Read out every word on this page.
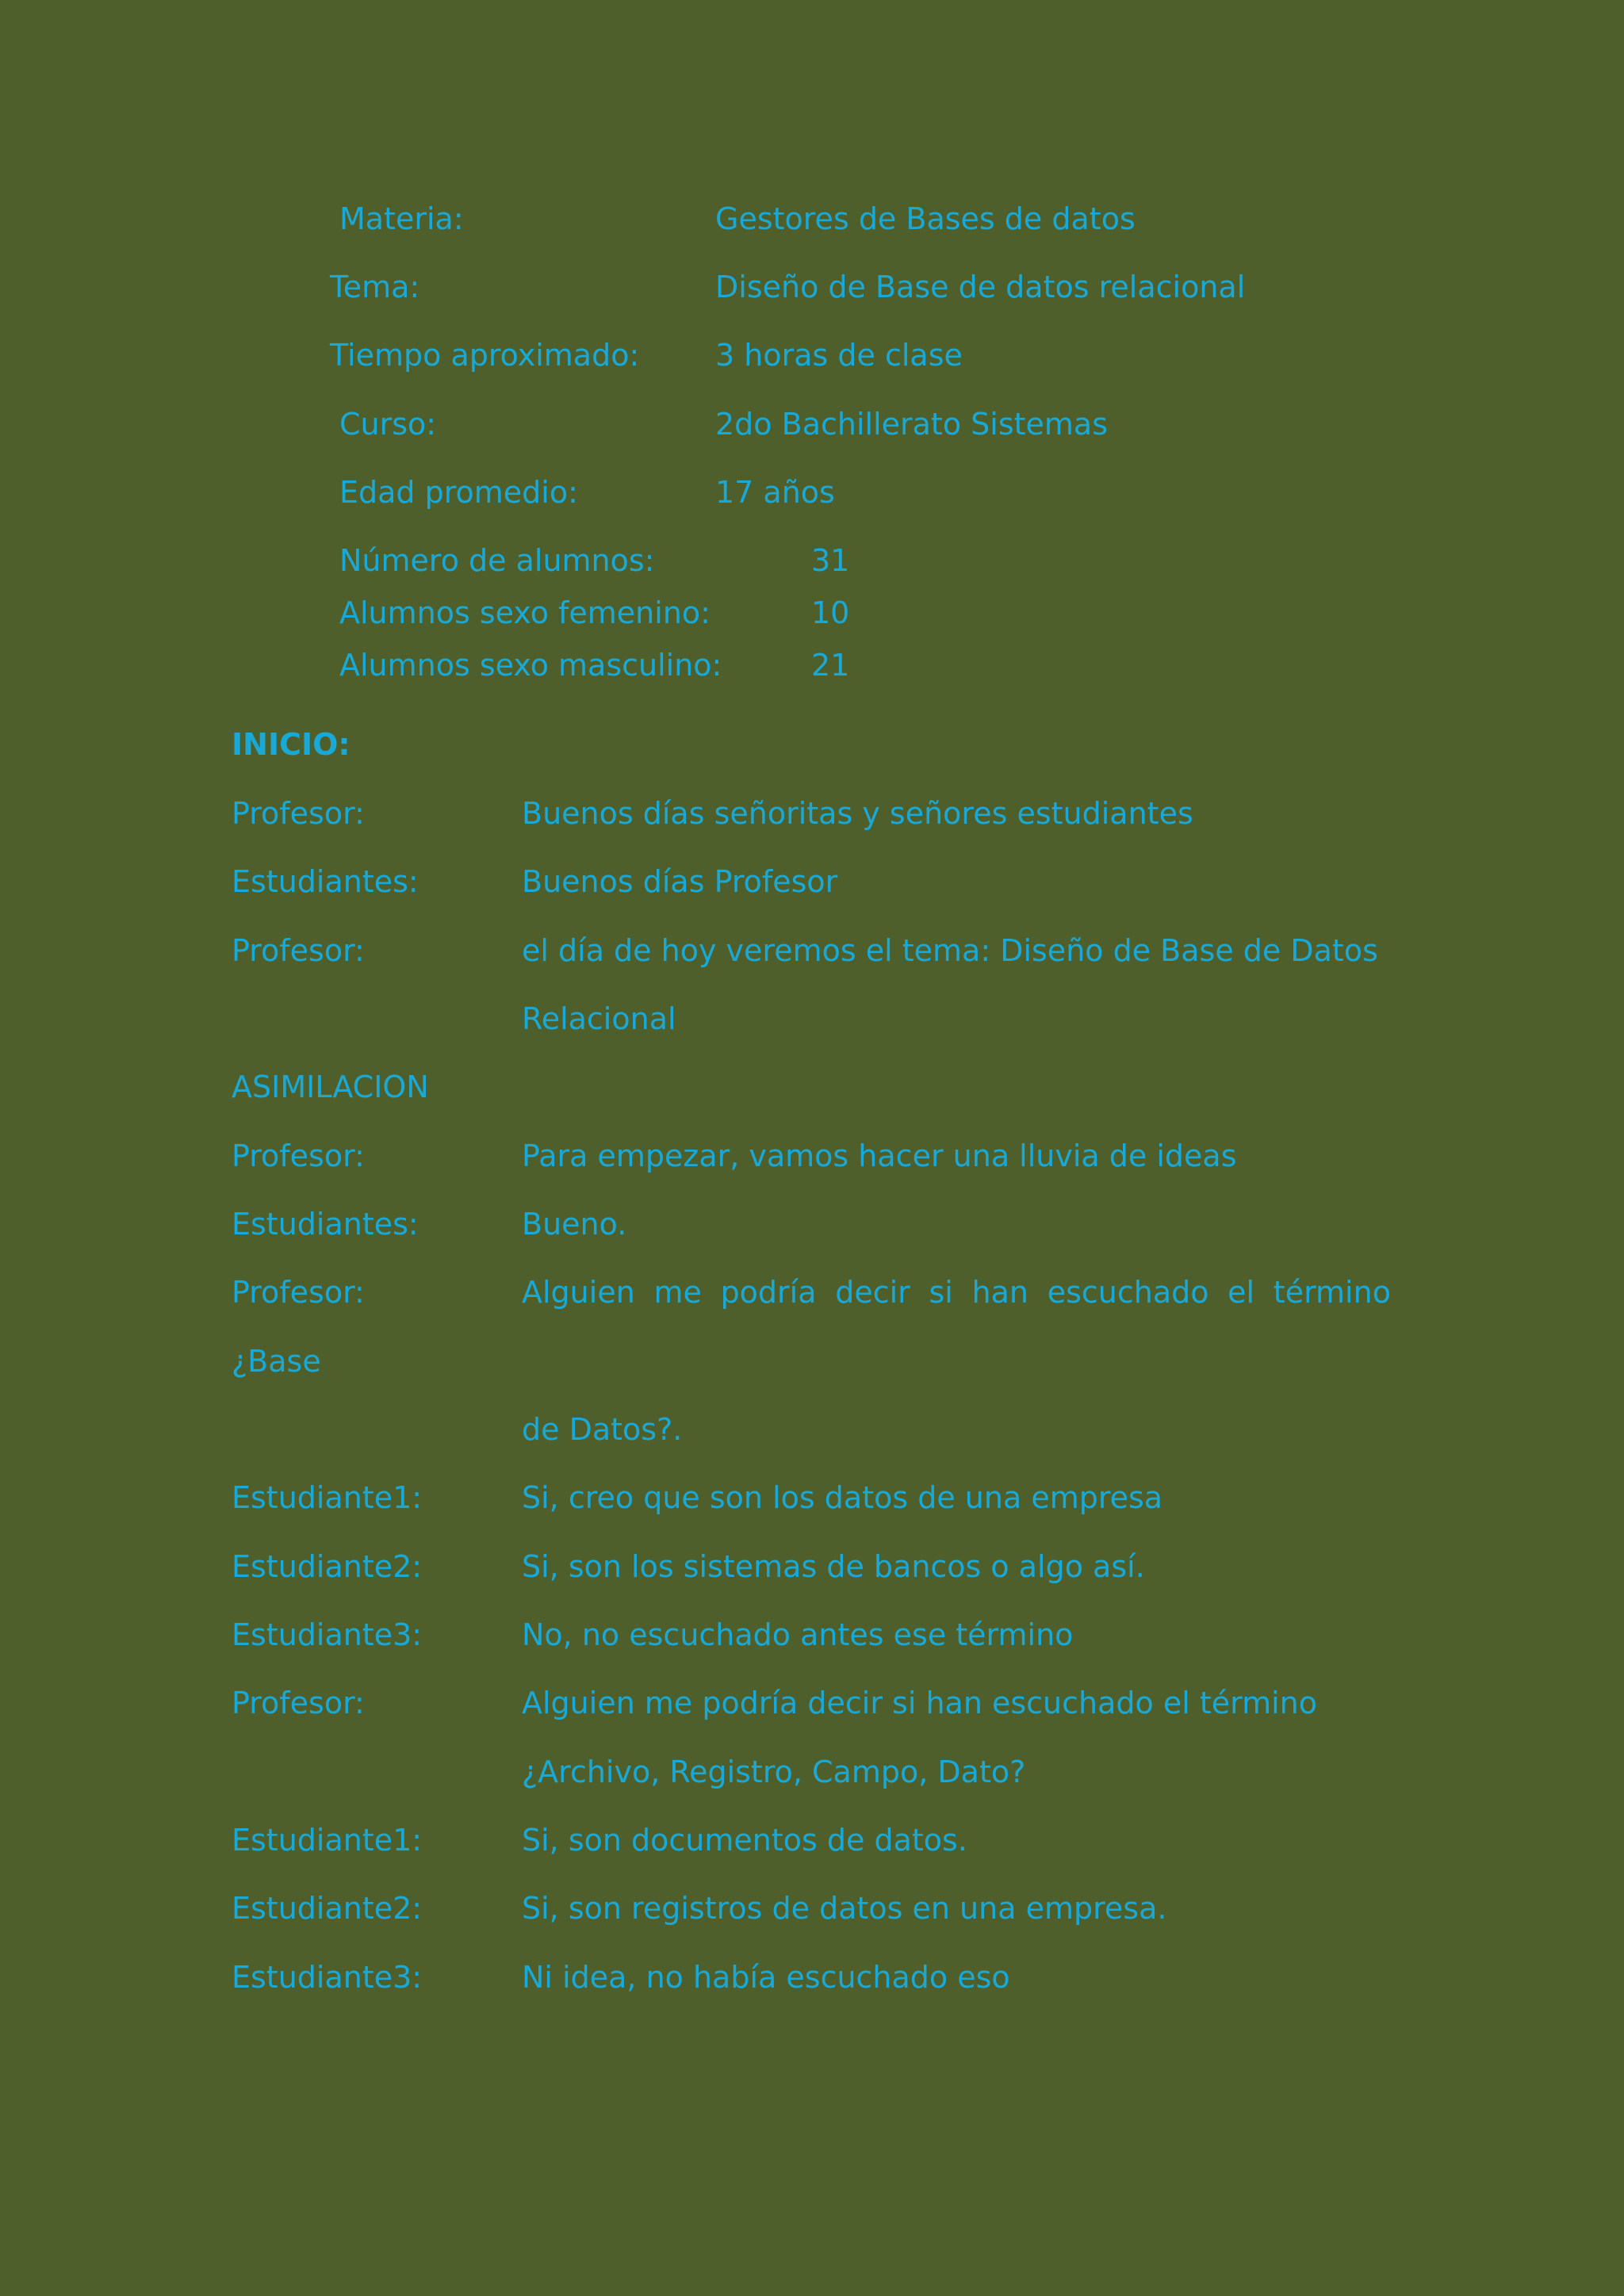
Materia:	Gestores de Bases de datos
Tema:	Diseño de Base de datos relacional
Tiempo aproximado:	3 horas de clase
Curso:	2do Bachillerato Sistemas
Edad promedio:	17 años
Número de alumnos:	31
Alumnos sexo femenino:	10
Alumnos sexo masculino:	21
INICIO:
Profesor:	Buenos días señoritas y señores estudiantes
Estudiantes:	Buenos días Profesor
Profesor:	el día de hoy veremos el tema: Diseño de Base de Datos
Relacional
ASIMILACION
Profesor:	Para empezar, vamos hacer una lluvia de ideas
Estudiantes:	Bueno.
Profesor:	Alguien me podría decir si han escuchado el término
¿Base
de Datos?.
Estudiante1:	Si, creo que son los datos de una empresa
Estudiante2:	Si, son los sistemas de bancos o algo así.
Estudiante3:	No, no escuchado antes ese término
Profesor:	Alguien me podría decir si han escuchado el término
¿Archivo, Registro, Campo, Dato?
Estudiante1:	Si, son documentos de datos.
Estudiante2:	Si, son registros de datos en una empresa.
Estudiante3:	Ni idea, no había escuchado eso
